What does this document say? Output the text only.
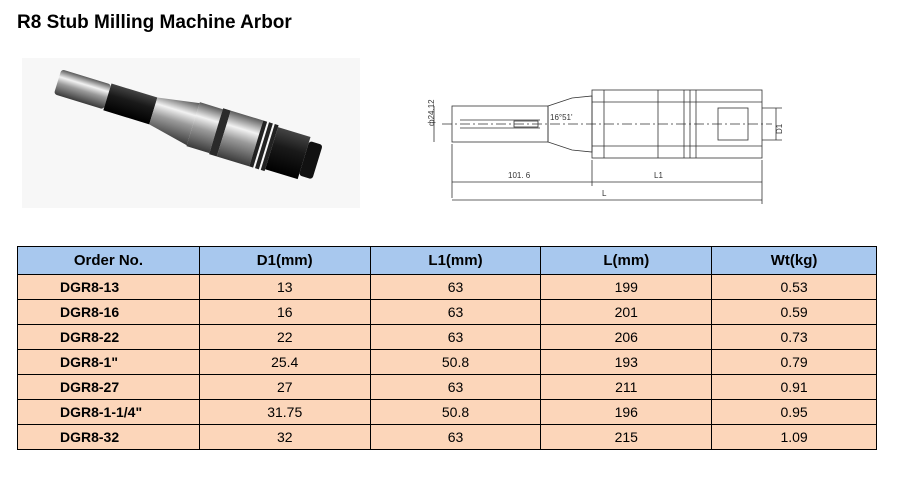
R8 Stub Milling Machine Arbor
ф24.12	16°51'
101. 6	L1
L
D1
Order No.	D1(mm)	L1(mm)	L(mm)	Wt(kg)
DGR8-13	13	63	199	0.53
DGR8-16	16	63	201	0.59
DGR8-22	22	63	206	0.73
DGR8-1"	25.4	50.8	193	0.79
DGR8-27	27	63	211	0.91
DGR8-1-1/4"	31.75	50.8	196	0.95
DGR8-32	32	63	215	1.09
